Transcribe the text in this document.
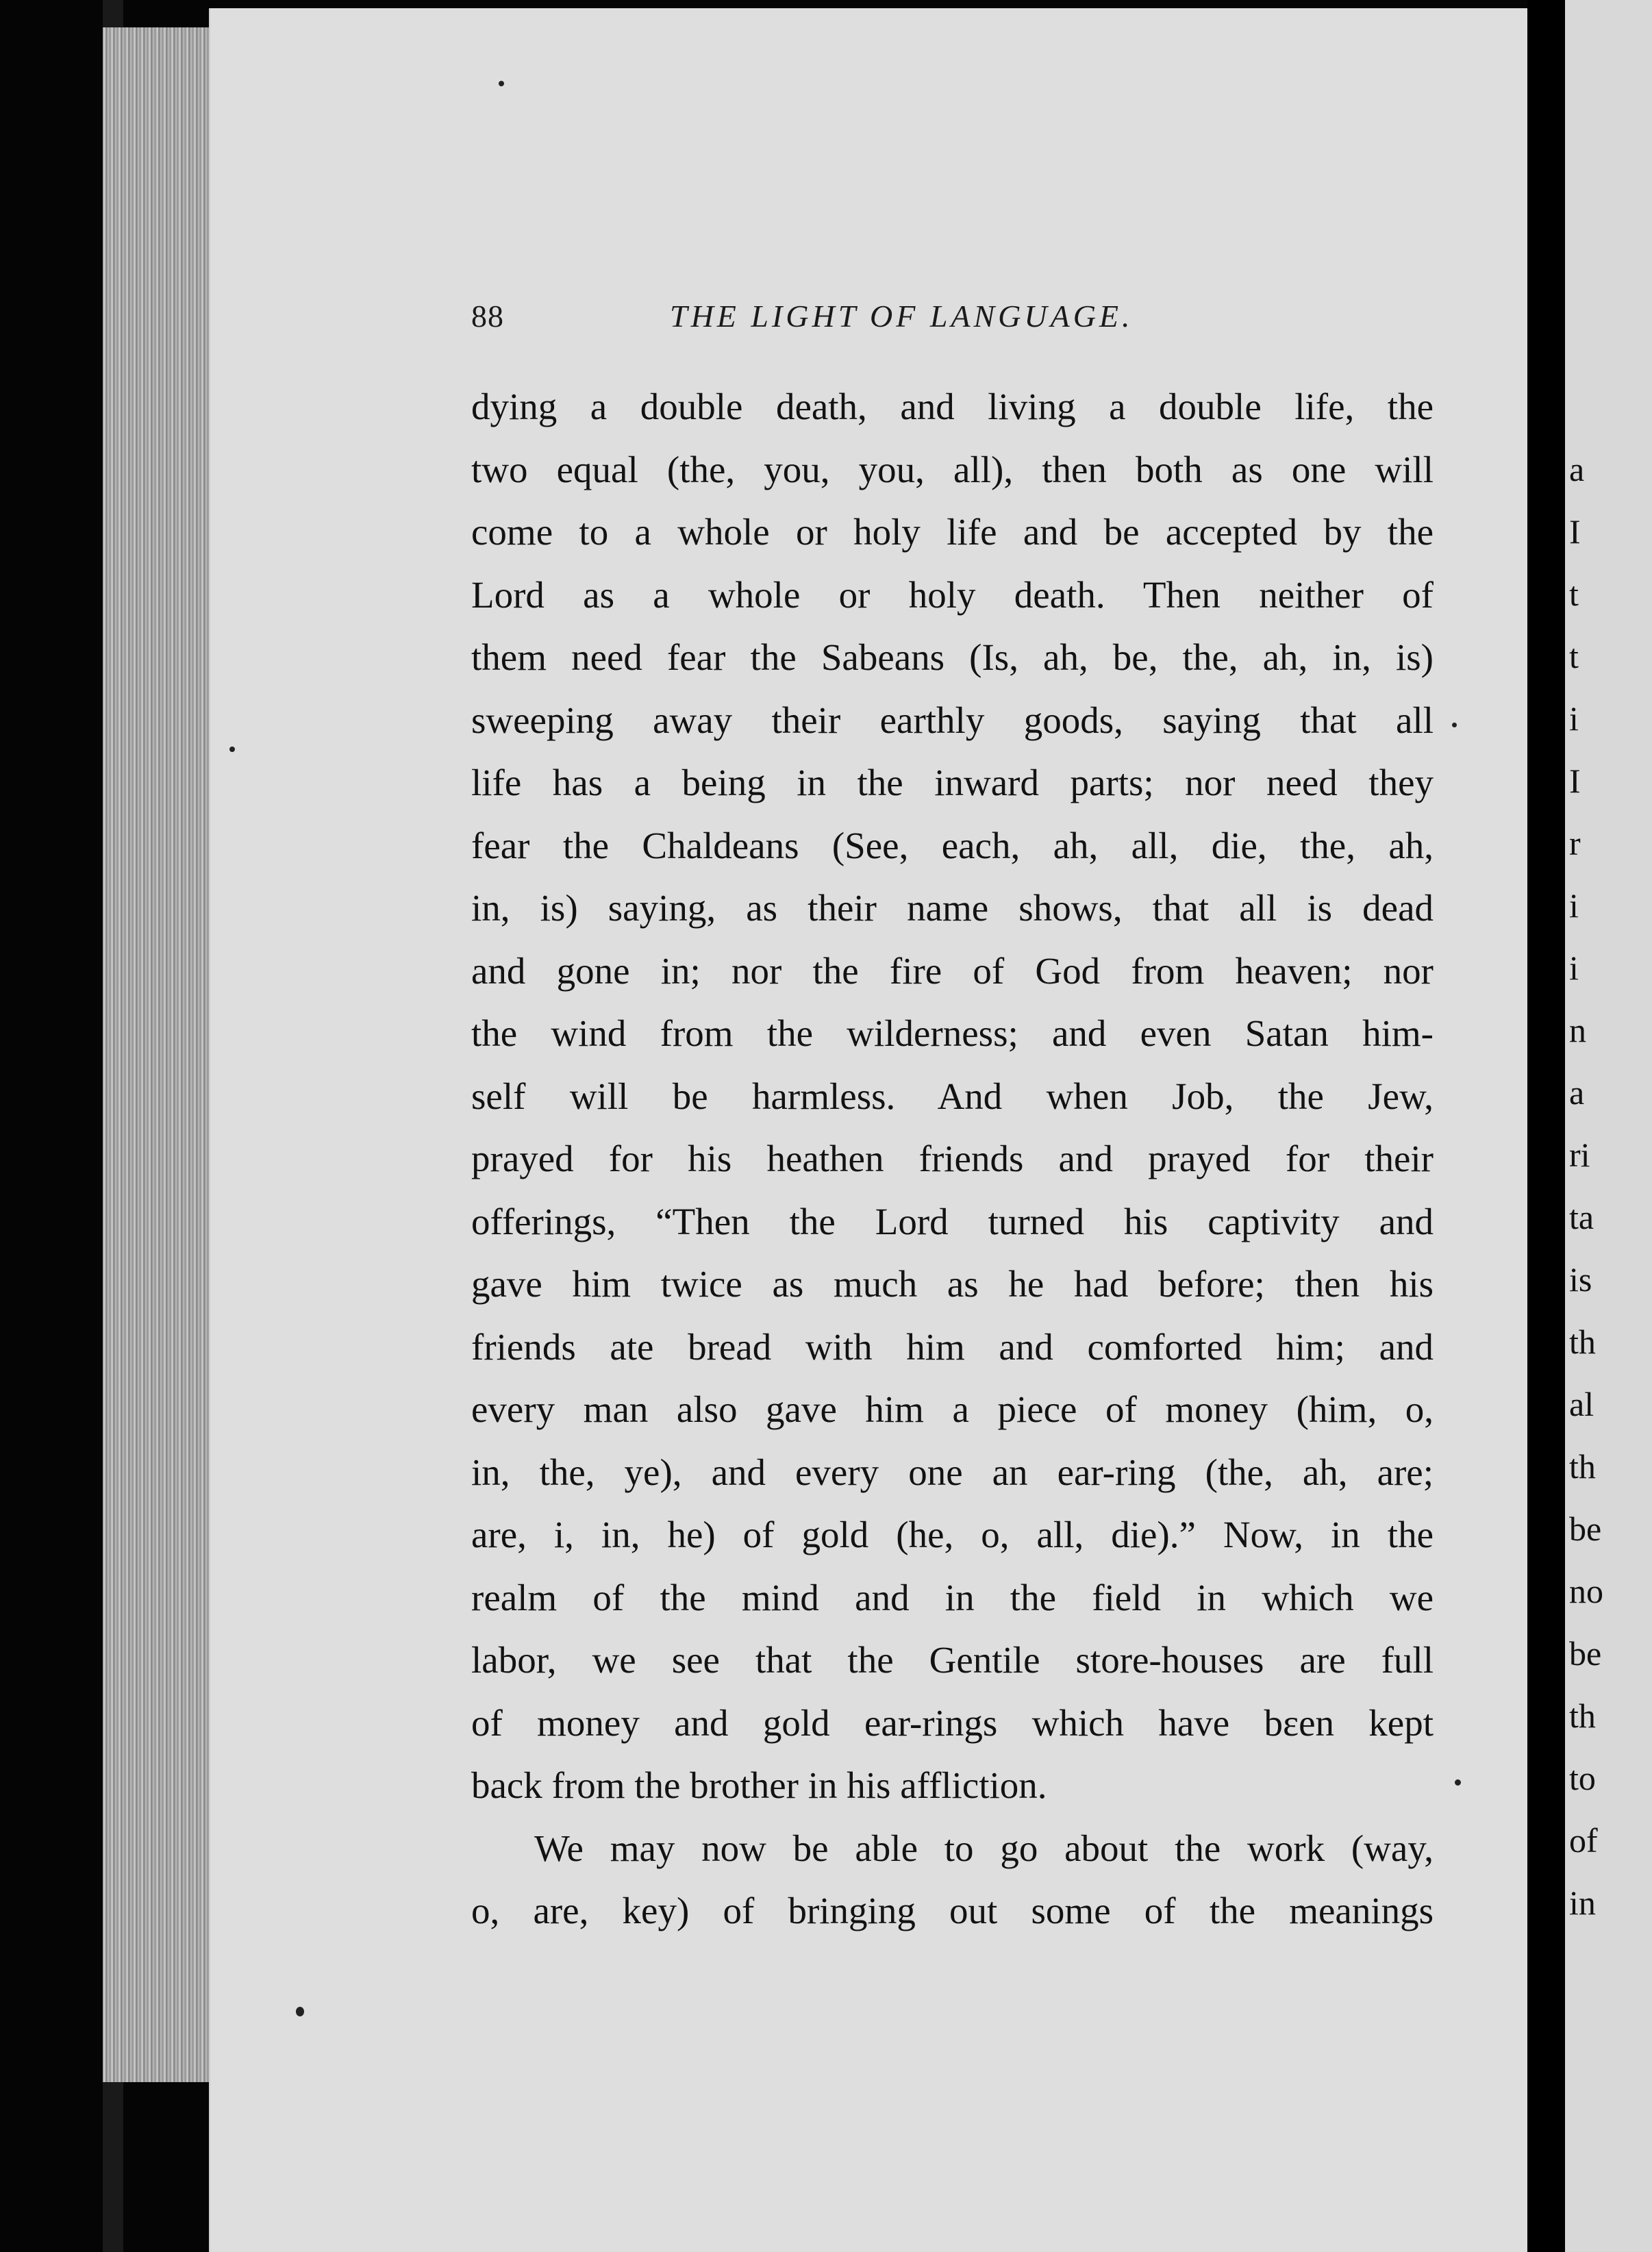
88	THE LIGHT OF LANGUAGE.
dying a double death, and living a double life, the
two equal (the, you, you, all), then both as one will
come to a whole or holy life and be accepted by the
Lord as a whole or holy death. Then neither of
them need fear the Sabeans (Is, ah, be, the, ah, in, is)
sweeping away their earthly goods, saying that all
life has a being in the inward parts; nor need they
fear the Chaldeans (See, each, ah, all, die, the, ah,
in, is) saying, as their name shows, that all is dead
and gone in; nor the fire of God from heaven; nor
the wind from the wilderness; and even Satan him-
self will be harmless. And when Job, the Jew,
prayed for his heathen friends and prayed for their
offerings, “Then the Lord turned his captivity and
gave him twice as much as he had before; then his
friends ate bread with him and comforted him; and
every man also gave him a piece of money (him, o,
in, the, ye), and every one an ear-ring (the, ah, are;
are, i, in, he) of gold (he, o, all, die).” Now, in the
realm of the mind and in the field in which we
labor, we see that the Gentile store-houses are full
of money and gold ear-rings which have bɛen kept
back from the brother in his affliction.
We may now be able to go about the work (way,
o, are, key) of bringing out some of the meanings
a
I
t
t
i
I
r
i
i
n
a
ri
ta
is
th
al
th
be
no
be
th
to
of
in
